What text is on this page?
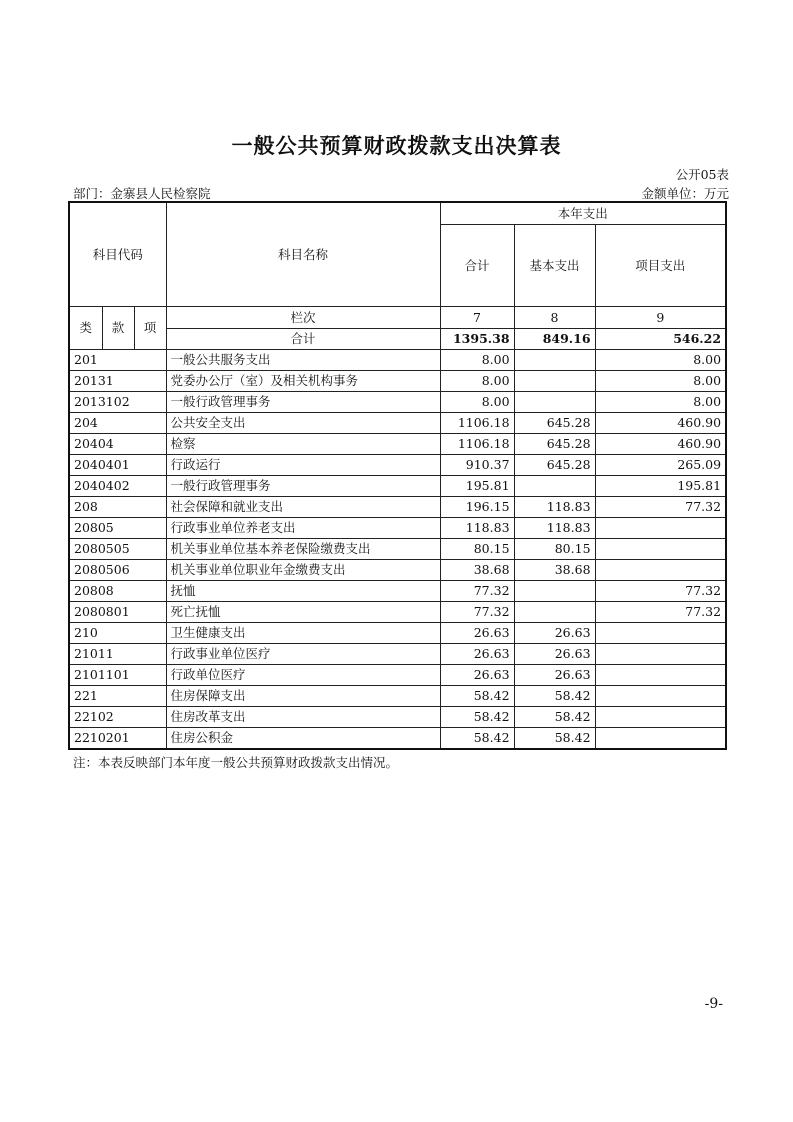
一般公共预算财政拨款支出决算表
公开05表
部门：金寨县人民检察院	金额单位：万元
科目代码			科目名称	本年支出		
				合计	基本支出	项目支出
类	款	项	栏次	7	8	9
			合计	1395.38	849.16	546.22
201			一般公共服务支出	8.00		8.00
20131			党委办公厅（室）及相关机构事务	8.00		8.00
2013102			一般行政管理事务	8.00		8.00
204			公共安全支出	1106.18	645.28	460.90
20404			检察	1106.18	645.28	460.90
2040401			行政运行	910.37	645.28	265.09
2040402			一般行政管理事务	195.81		195.81
208			社会保障和就业支出	196.15	118.83	77.32
20805			行政事业单位养老支出	118.83	118.83	
2080505			机关事业单位基本养老保险缴费支出	80.15	80.15	
2080506			机关事业单位职业年金缴费支出	38.68	38.68	
20808			抚恤	77.32		77.32
2080801			死亡抚恤	77.32		77.32
210			卫生健康支出	26.63	26.63	
21011			行政事业单位医疗	26.63	26.63	
2101101			行政单位医疗	26.63	26.63	
221			住房保障支出	58.42	58.42	
22102			住房改革支出	58.42	58.42	
2210201			住房公积金	58.42	58.42	
注：本表反映部门本年度一般公共预算财政拨款支出情况。
-9-
